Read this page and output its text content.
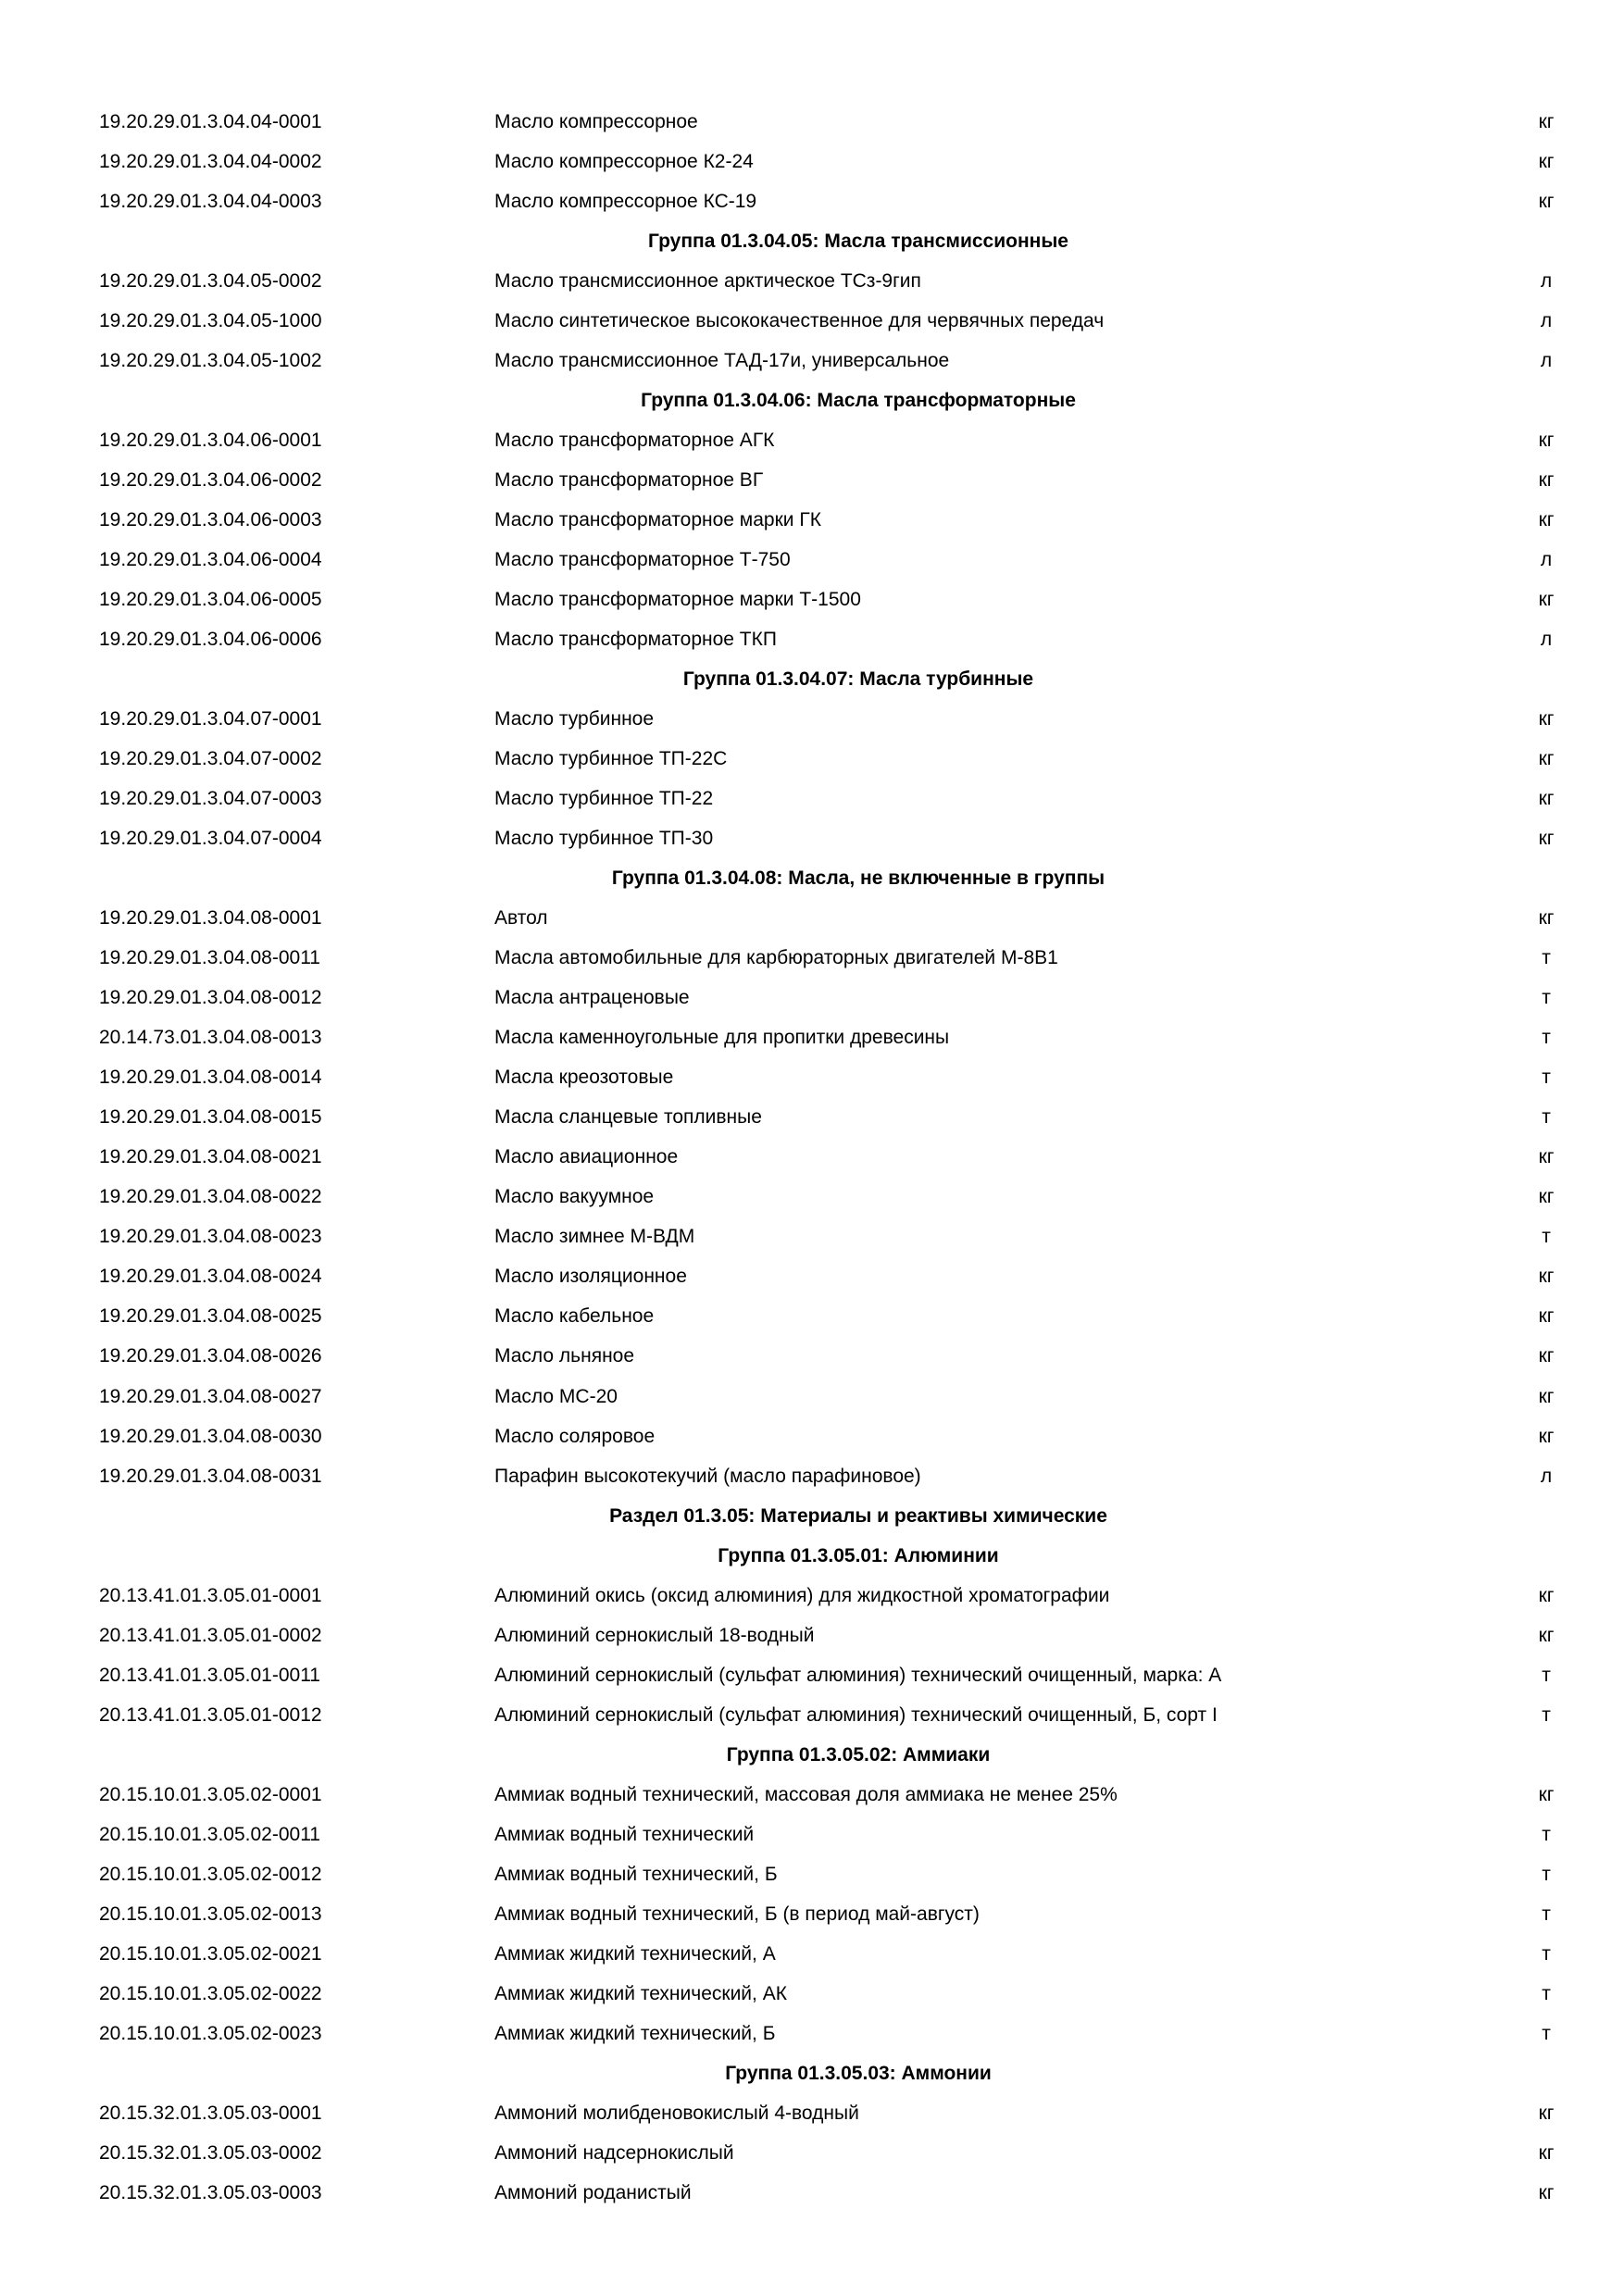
19.20.29.01.3.04.04-0001	Масло компрессорное	кг
19.20.29.01.3.04.04-0002	Масло компрессорное К2-24	кг
19.20.29.01.3.04.04-0003	Масло компрессорное КС-19	кг
Группа 01.3.04.05: Масла трансмиссионные
19.20.29.01.3.04.05-0002	Масло трансмиссионное арктическое ТСз-9гип	л
19.20.29.01.3.04.05-1000	Масло синтетическое высококачественное для червячных передач	л
19.20.29.01.3.04.05-1002	Масло трансмиссионное ТАД-17и, универсальное	л
Группа 01.3.04.06: Масла трансформаторные
19.20.29.01.3.04.06-0001	Масло трансформаторное АГК	кг
19.20.29.01.3.04.06-0002	Масло трансформаторное ВГ	кг
19.20.29.01.3.04.06-0003	Масло трансформаторное марки ГК	кг
19.20.29.01.3.04.06-0004	Масло трансформаторное Т-750	л
19.20.29.01.3.04.06-0005	Масло трансформаторное марки Т-1500	кг
19.20.29.01.3.04.06-0006	Масло трансформаторное ТКП	л
Группа 01.3.04.07: Масла турбинные
19.20.29.01.3.04.07-0001	Масло турбинное	кг
19.20.29.01.3.04.07-0002	Масло турбинное ТП-22С	кг
19.20.29.01.3.04.07-0003	Масло турбинное ТП-22	кг
19.20.29.01.3.04.07-0004	Масло турбинное ТП-30	кг
Группа 01.3.04.08: Масла, не включенные в группы
19.20.29.01.3.04.08-0001	Автол	кг
19.20.29.01.3.04.08-0011	Масла автомобильные для карбюраторных двигателей М-8В1	т
19.20.29.01.3.04.08-0012	Масла антраценовые	т
20.14.73.01.3.04.08-0013	Масла каменноугольные для пропитки древесины	т
19.20.29.01.3.04.08-0014	Масла креозотовые	т
19.20.29.01.3.04.08-0015	Масла сланцевые топливные	т
19.20.29.01.3.04.08-0021	Масло авиационное	кг
19.20.29.01.3.04.08-0022	Масло вакуумное	кг
19.20.29.01.3.04.08-0023	Масло зимнее М-ВДМ	т
19.20.29.01.3.04.08-0024	Масло изоляционное	кг
19.20.29.01.3.04.08-0025	Масло кабельное	кг
19.20.29.01.3.04.08-0026	Масло льняное	кг
19.20.29.01.3.04.08-0027	Масло МС-20	кг
19.20.29.01.3.04.08-0030	Масло соляровое	кг
19.20.29.01.3.04.08-0031	Парафин высокотекучий (масло парафиновое)	л
Раздел 01.3.05: Материалы и реактивы химические
Группа 01.3.05.01: Алюминии
20.13.41.01.3.05.01-0001	Алюминий окись (оксид алюминия) для жидкостной хроматографии	кг
20.13.41.01.3.05.01-0002	Алюминий сернокислый 18-водный	кг
20.13.41.01.3.05.01-0011	Алюминий сернокислый (сульфат алюминия) технический очищенный, марка: А	т
20.13.41.01.3.05.01-0012	Алюминий сернокислый (сульфат алюминия) технический очищенный, Б, сорт I	т
Группа 01.3.05.02: Аммиаки
20.15.10.01.3.05.02-0001	Аммиак водный технический, массовая доля аммиака не менее 25%	кг
20.15.10.01.3.05.02-0011	Аммиак водный технический	т
20.15.10.01.3.05.02-0012	Аммиак водный технический, Б	т
20.15.10.01.3.05.02-0013	Аммиак водный технический, Б (в период май-август)	т
20.15.10.01.3.05.02-0021	Аммиак жидкий технический, А	т
20.15.10.01.3.05.02-0022	Аммиак жидкий технический, АК	т
20.15.10.01.3.05.02-0023	Аммиак жидкий технический, Б	т
Группа 01.3.05.03: Аммонии
20.15.32.01.3.05.03-0001	Аммоний молибденовокислый 4-водный	кг
20.15.32.01.3.05.03-0002	Аммоний надсернокислый	кг
20.15.32.01.3.05.03-0003	Аммоний роданистый	кг
